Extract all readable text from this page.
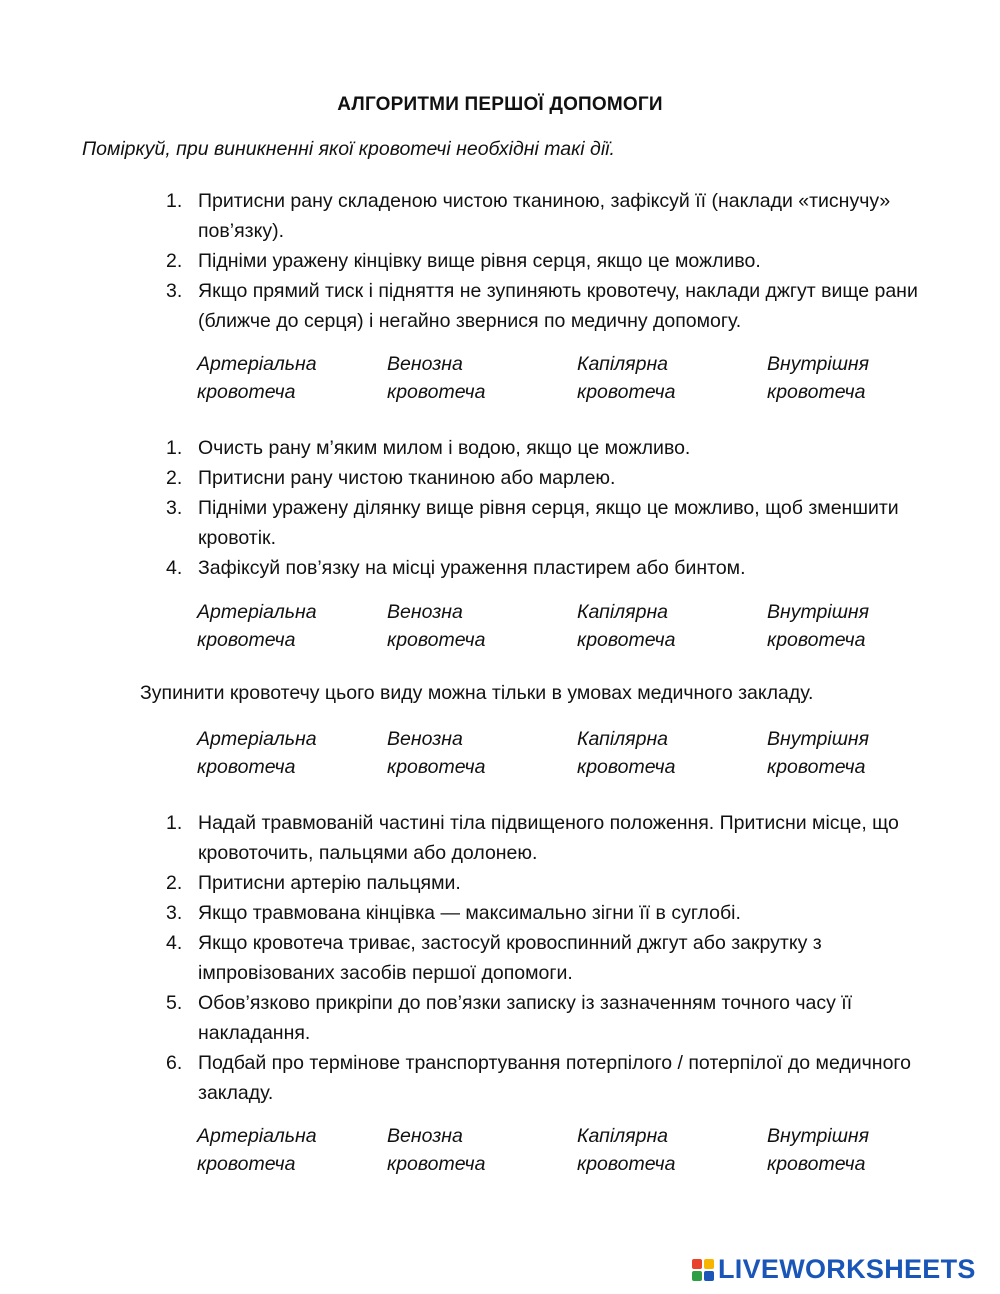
АЛГОРИТМИ ПЕРШОЇ ДОПОМОГИ
Поміркуй, при виникненні якої кровотечі необхідні такі дії.
1. Притисни рану складеною чистою тканиною, зафіксуй її (наклади «тиснучу» пов’язку).
2. Підніми уражену кінцівку вище рівня серця, якщо це можливо.
3. Якщо прямий тиск і підняття не зупиняють кровотечу, наклади джгут вище рани (ближче до серця) і негайно звернися по медичну допомогу.
Артеріальна
кровотеча
Венозна
кровотеча
Капілярна
кровотеча
Внутрішня
кровотеча
1. Очисть рану м’яким милом і водою, якщо це можливо.
2. Притисни рану чистою тканиною або марлею.
3. Підніми уражену ділянку вище рівня серця, якщо це можливо, щоб зменшити кровотік.
4. Зафіксуй пов’язку на місці ураження пластирем або бинтом.
Артеріальна
кровотеча
Венозна
кровотеча
Капілярна
кровотеча
Внутрішня
кровотеча
Зупинити кровотечу цього виду можна тільки в умовах медичного закладу.
Артеріальна
кровотеча
Венозна
кровотеча
Капілярна
кровотеча
Внутрішня
кровотеча
1. Надай травмованій частині тіла підвищеного положення. Притисни місце, що кровоточить, пальцями або долонею.
2. Притисни артерію пальцями.
3. Якщо травмована кінцівка — максимально зігни її в суглобі.
4. Якщо кровотеча триває, застосуй кровоспинний джгут або закрутку з імпровізованих засобів першої допомоги.
5. Обов’язково прикріпи до пов’язки записку із зазначенням точного часу її накладання.
6. Подбай про термінове транспортування потерпілого / потерпілої до медичного закладу.
Артеріальна
кровотеча
Венозна
кровотеча
Капілярна
кровотеча
Внутрішня
кровотеча
LIVEWORKSHEETS
